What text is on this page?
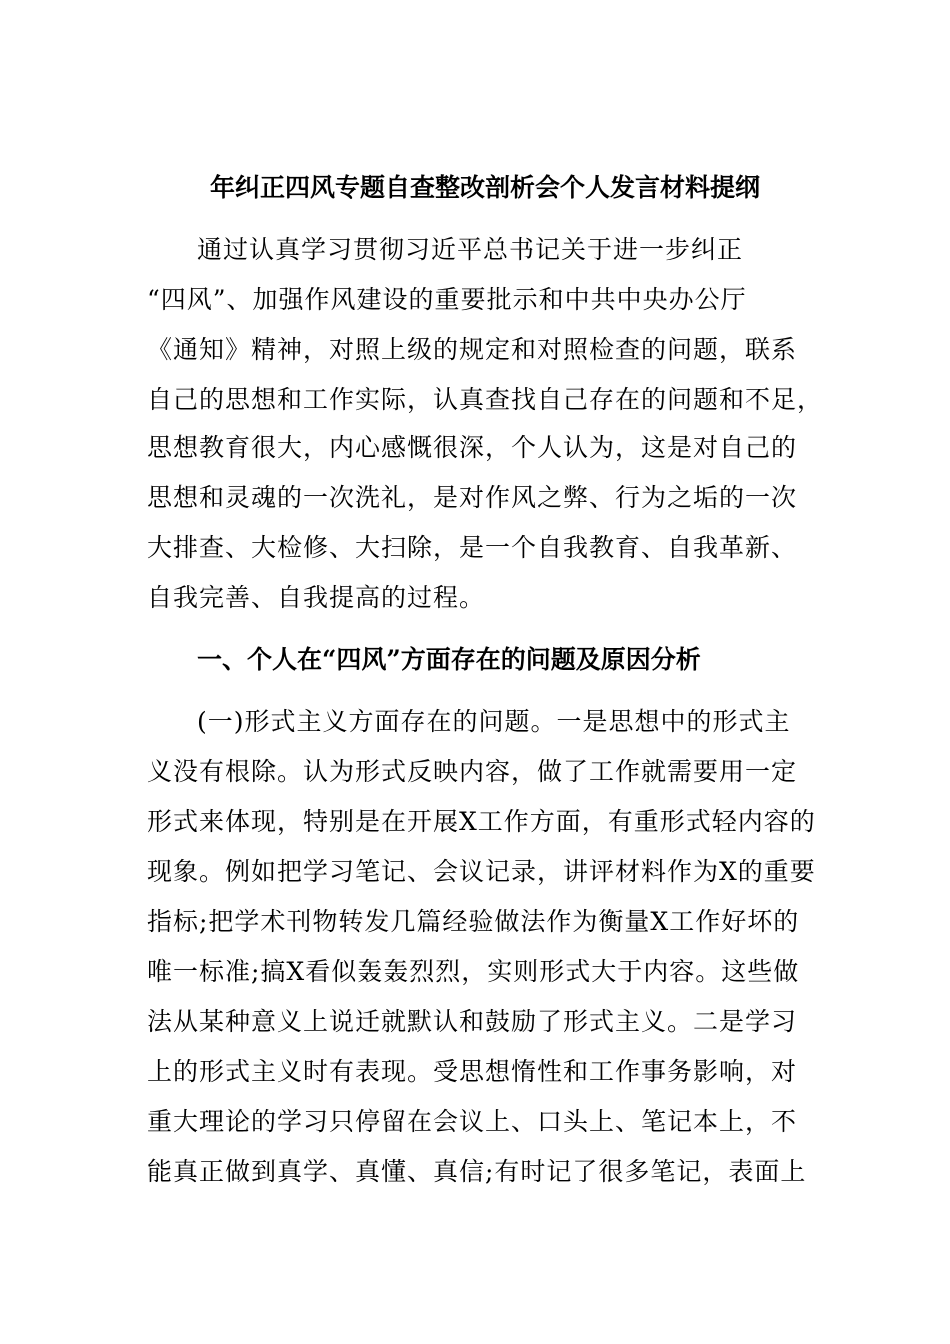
年纠正四风专题自查整改剖析会个人发言材料提纲
通过认真学习贯彻习近平总书记关于进一步纠正
“四风”、加强作风建设的重要批示和中共中央办公厅
《通知》精神，对照上级的规定和对照检查的问题，联系
自己的思想和工作实际，认真查找自己存在的问题和不足，
思想教育很大，内心感慨很深，个人认为，这是对自己的
思想和灵魂的一次洗礼，是对作风之弊、行为之垢的一次
大排查、大检修、大扫除，是一个自我教育、自我革新、
自我完善、自我提高的过程。
一、个人在“四风”方面存在的问题及原因分析
(一)形式主义方面存在的问题。一是思想中的形式主
义没有根除。认为形式反映内容，做了工作就需要用一定
形式来体现，特别是在开展X工作方面，有重形式轻内容的
现象。例如把学习笔记、会议记录，讲评材料作为X的重要
指标;把学术刊物转发几篇经验做法作为衡量X工作好坏的
唯一标准;搞X看似轰轰烈烈，实则形式大于内容。这些做
法从某种意义上说迁就默认和鼓励了形式主义。二是学习
上的形式主义时有表现。受思想惰性和工作事务影响，对
重大理论的学习只停留在会议上、口头上、笔记本上，不
能真正做到真学、真懂、真信;有时记了很多笔记，表面上
